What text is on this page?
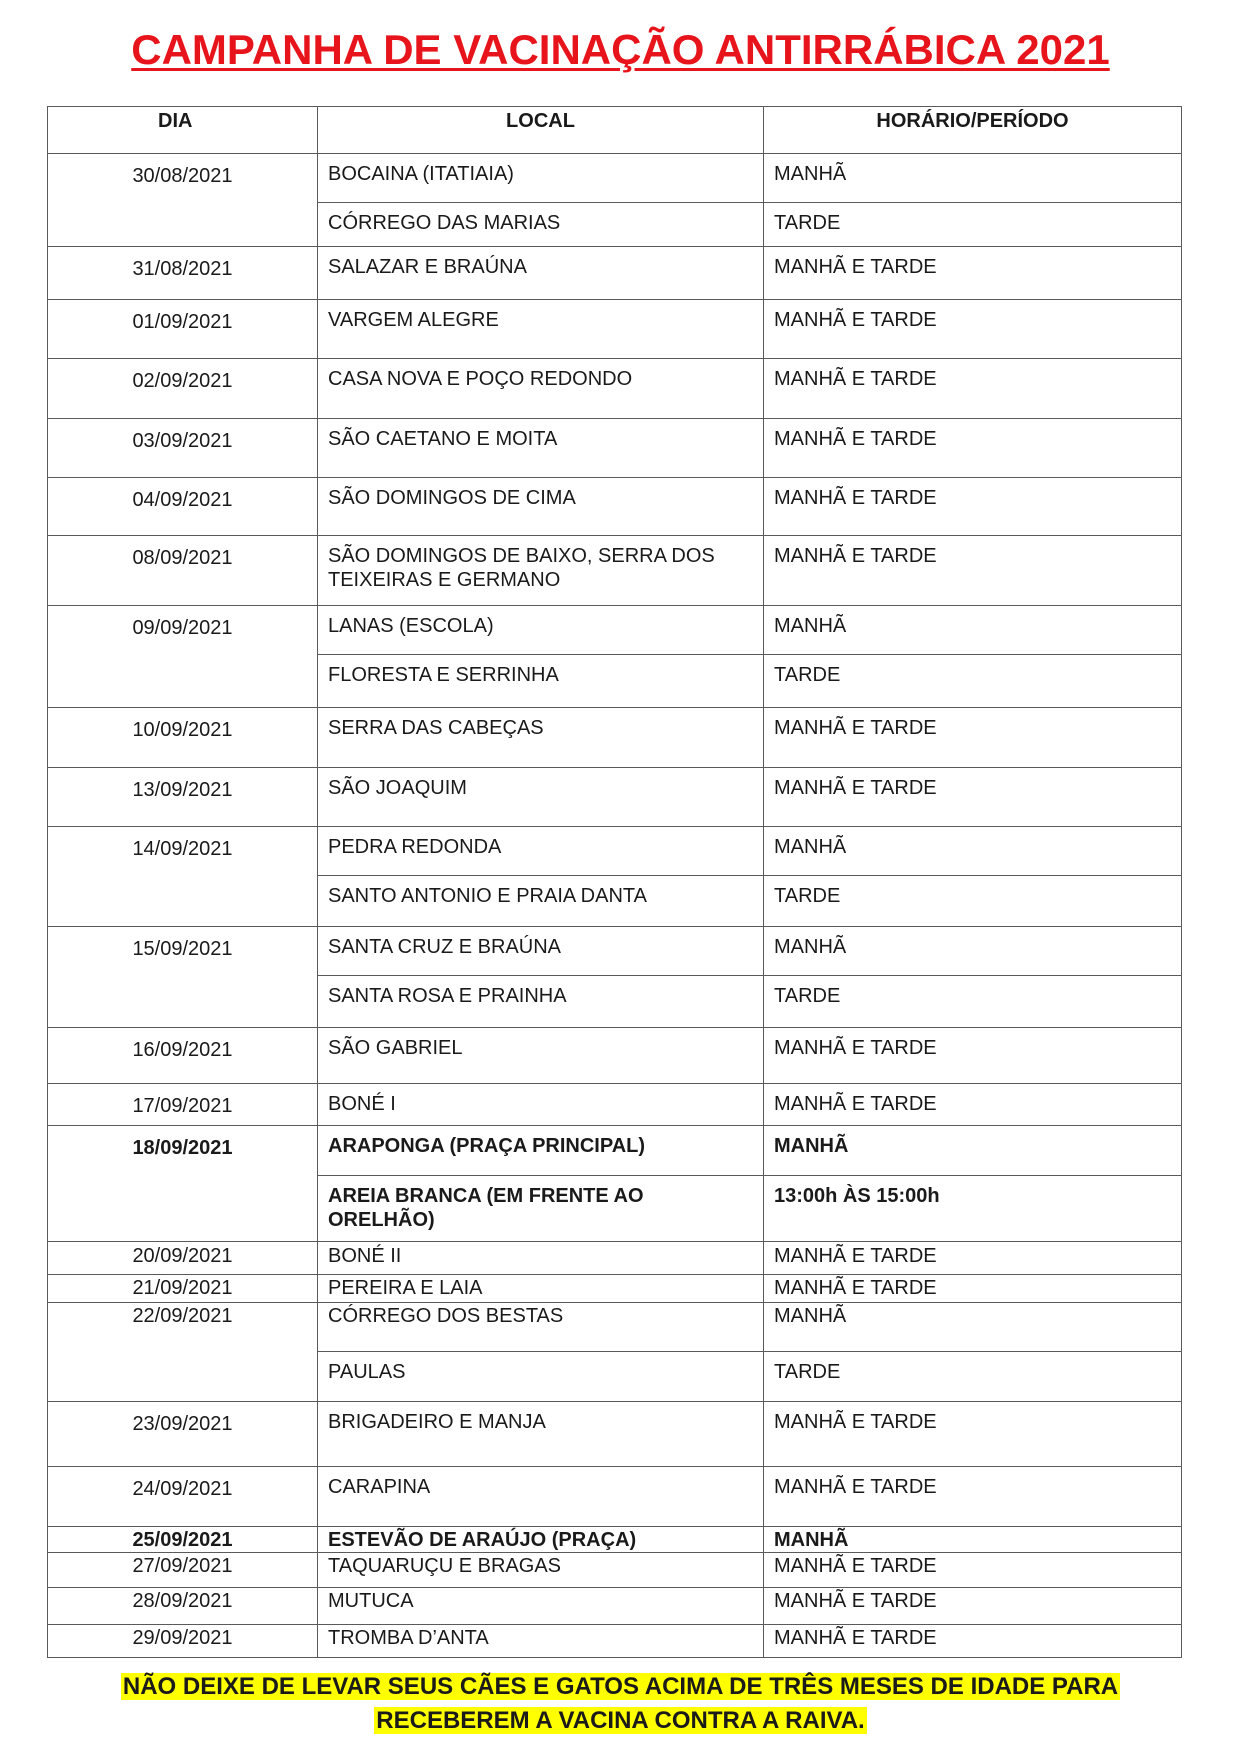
CAMPANHA DE VACINAÇÃO ANTIRRÁBICA 2021
DIA	LOCAL	HORÁRIO/PERÍODO
30/08/2021	BOCAINA (ITATIAIA)	MANHÃ
	CÓRREGO DAS MARIAS	TARDE
31/08/2021	SALAZAR E BRAÚNA	MANHÃ E TARDE
01/09/2021	VARGEM ALEGRE	MANHÃ E TARDE
02/09/2021	CASA NOVA E POÇO REDONDO	MANHÃ E TARDE
03/09/2021	SÃO CAETANO E MOITA	MANHÃ E TARDE
04/09/2021	SÃO DOMINGOS DE CIMA	MANHÃ E TARDE
08/09/2021	SÃO DOMINGOS DE BAIXO, SERRA DOS TEIXEIRAS E GERMANO	MANHÃ E TARDE
09/09/2021	LANAS (ESCOLA)	MANHÃ
	FLORESTA E SERRINHA	TARDE
10/09/2021	SERRA DAS CABEÇAS	MANHÃ E TARDE
13/09/2021	SÃO JOAQUIM	MANHÃ E TARDE
14/09/2021	PEDRA REDONDA	MANHÃ
	SANTO ANTONIO E PRAIA DANTA	TARDE
15/09/2021	SANTA CRUZ E BRAÚNA	MANHÃ
	SANTA ROSA E PRAINHA	TARDE
16/09/2021	SÃO GABRIEL	MANHÃ E TARDE
17/09/2021	BONÉ I	MANHÃ E TARDE
18/09/2021	ARAPONGA (PRAÇA PRINCIPAL)	MANHÃ
	AREIA BRANCA (EM FRENTE AO ORELHÃO)	13:00h ÀS 15:00h
20/09/2021	BONÉ II	MANHÃ E TARDE
21/09/2021	PEREIRA E LAIA	MANHÃ E TARDE
22/09/2021	CÓRREGO DOS BESTAS	MANHÃ
	PAULAS	TARDE
23/09/2021	BRIGADEIRO E MANJA	MANHÃ E TARDE
24/09/2021	CARAPINA	MANHÃ E TARDE
25/09/2021	ESTEVÃO DE ARAÚJO (PRAÇA)	MANHÃ
27/09/2021	TAQUARUÇU E BRAGAS	MANHÃ E TARDE
28/09/2021	MUTUCA	MANHÃ E TARDE
29/09/2021	TROMBA D’ANTA	MANHÃ E TARDE
NÃO DEIXE DE LEVAR SEUS CÃES E GATOS ACIMA DE TRÊS MESES DE IDADE PARA
RECEBEREM A VACINA CONTRA A RAIVA.
